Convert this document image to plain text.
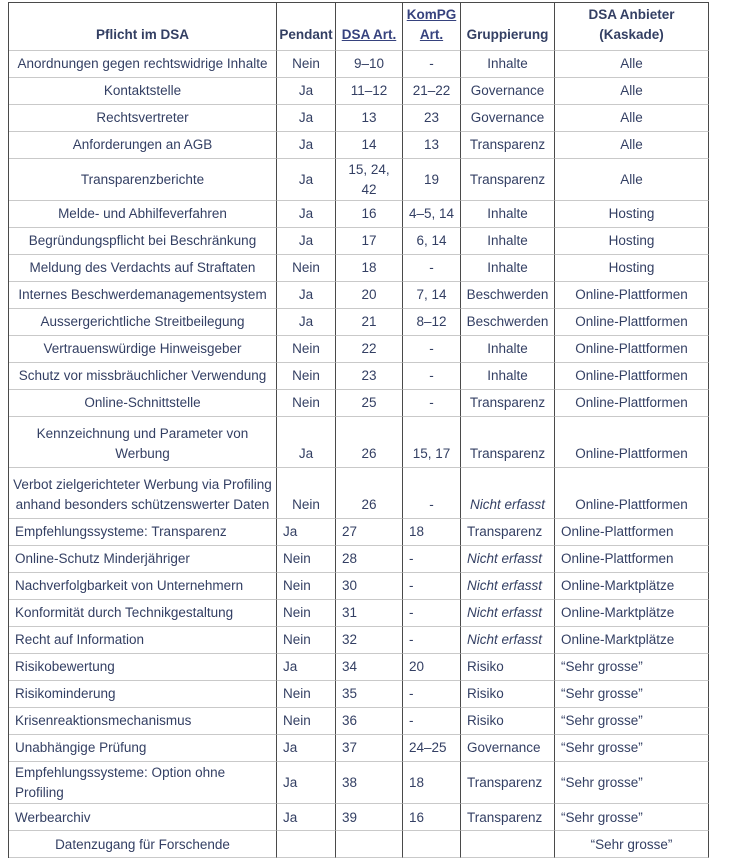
Pflicht im DSA	Pendant	DSA Art.	KomPG Art.	Gruppierung	DSA Anbieter (Kaskade)
Anordnungen gegen rechtswidrige Inhalte	Nein	9–10	-	Inhalte	Alle
Kontaktstelle	Ja	11–12	21–22	Governance	Alle
Rechtsvertreter	Ja	13	23	Governance	Alle
Anforderungen an AGB	Ja	14	13	Transparenz	Alle
Transparenzberichte	Ja	15, 24, 42	19	Transparenz	Alle
Melde- und Abhilfeverfahren	Ja	16	4–5, 14	Inhalte	Hosting
Begründungspflicht bei Beschränkung	Ja	17	6, 14	Inhalte	Hosting
Meldung des Verdachts auf Straftaten	Nein	18	-	Inhalte	Hosting
Internes Beschwerdemanagementsystem	Ja	20	7, 14	Beschwerden	Online-Plattformen
Aussergerichtliche Streitbeilegung	Ja	21	8–12	Beschwerden	Online-Plattformen
Vertrauenswürdige Hinweisgeber	Nein	22	-	Inhalte	Online-Plattformen
Schutz vor missbräuchlicher Verwendung	Nein	23	-	Inhalte	Online-Plattformen
Online-Schnittstelle	Nein	25	-	Transparenz	Online-Plattformen
Kennzeichnung und Parameter von Werbung	Ja	26	15, 17	Transparenz	Online-Plattformen
Verbot zielgerichteter Werbung via Profiling anhand besonders schützenswerter Daten	Nein	26	-	Nicht erfasst	Online-Plattformen
Empfehlungssysteme: Transparenz	Ja	27	18	Transparenz	Online-Plattformen
Online-Schutz Minderjähriger	Nein	28	-	Nicht erfasst	Online-Plattformen
Nachverfolgbarkeit von Unternehmern	Nein	30	-	Nicht erfasst	Online-Marktplätze
Konformität durch Technikgestaltung	Nein	31	-	Nicht erfasst	Online-Marktplätze
Recht auf Information	Nein	32	-	Nicht erfasst	Online-Marktplätze
Risikobewertung	Ja	34	20	Risiko	“Sehr grosse”
Risikominderung	Nein	35	-	Risiko	“Sehr grosse”
Krisenreaktionsmechanismus	Nein	36	-	Risiko	“Sehr grosse”
Unabhängige Prüfung	Ja	37	24–25	Governance	“Sehr grosse”
Empfehlungssysteme: Option ohne Profiling	Ja	38	18	Transparenz	“Sehr grosse”
Werbearchiv	Ja	39	16	Transparenz	“Sehr grosse”
Datenzugang für Forschende					“Sehr grosse”
